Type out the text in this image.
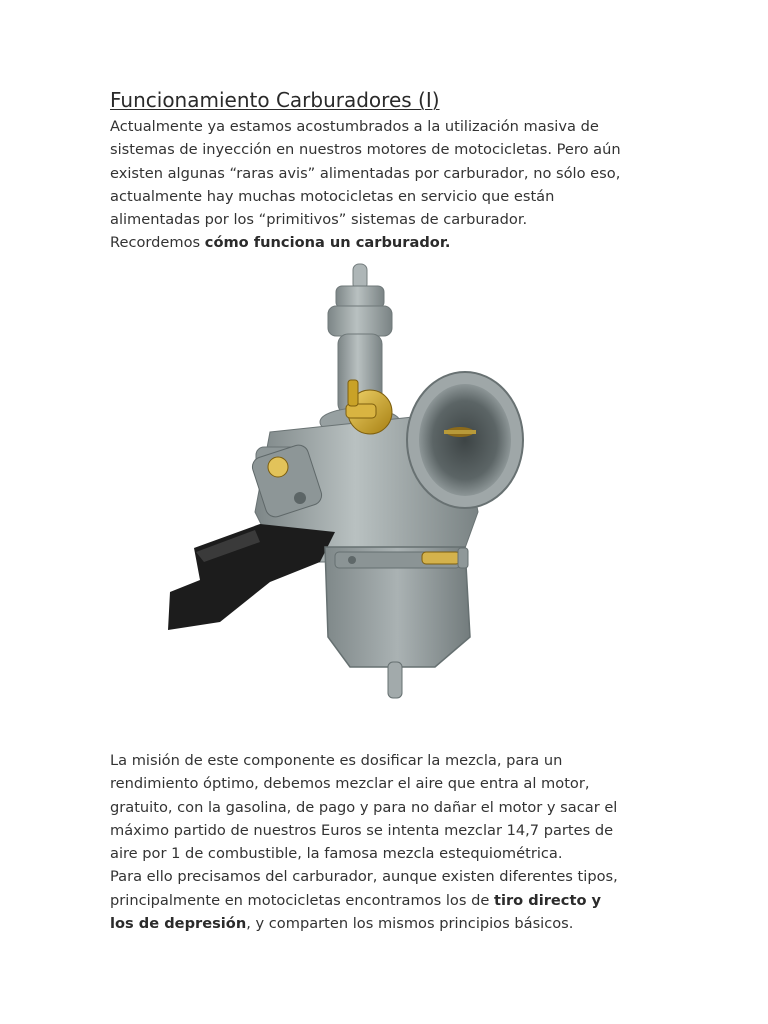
Funcionamiento Carburadores (I)

Actualmente ya estamos acostumbrados a la utilización masiva de
sistemas de inyección en nuestros motores de motocicletas. Pero aún
existen algunas “raras avis” alimentadas por carburador, no sólo eso,
actualmente hay muchas motocicletas en servicio que están
alimentadas por los “primitivos” sistemas de carburador.
Recordemos cómo funciona un carburador.

La misión de este componente es dosificar la mezcla, para un
rendimiento óptimo, debemos mezclar el aire que entra al motor,
gratuito, con la gasolina, de pago y para no dañar el motor y sacar el
máximo partido de nuestros Euros se intenta mezclar 14,7 partes de
aire por 1 de combustible, la famosa mezcla estequiométrica.
Para ello precisamos del carburador, aunque existen diferentes tipos,
principalmente en motocicletas encontramos los de tiro directo y
los de depresión, y comparten los mismos principios básicos.
